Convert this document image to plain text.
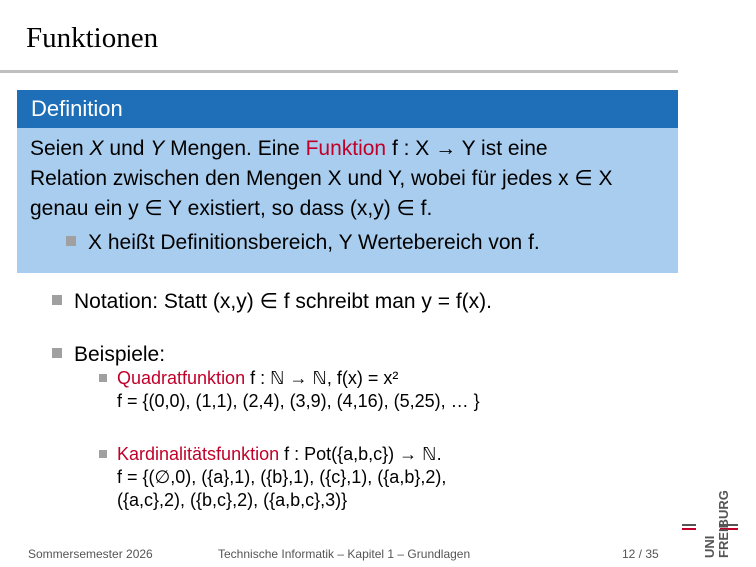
Funktionen
Definition

Seien X und Y Mengen. Eine Funktion f : X → Y ist eine

Relation zwischen den Mengen X und Y, wobei für jedes x ∈ X

genau ein y ∈ Y existiert, so dass (x,y) ∈ f.

X heißt Definitionsbereich, Y Wertebereich von f.
Notation: Statt (x,y) ∈ f schreibt man y = f(x).
Beispiele:
Quadratfunktion f : ℕ → ℕ, f(x) = x²
f = {(0,0), (1,1), (2,4), (3,9), (4,16), (5,25), … }
Kardinalitätsfunktion f : Pot({a,b,c}) → ℕ.
f = {(∅,0), ({a},1), ({b},1), ({c},1), ({a,b},2),
({a,c},2), ({b,c},2), ({a,b,c},3)}
Sommersemester 2026	Technische Informatik – Kapitel 1 – Grundlagen	12 / 35	UNI FREIBURG
